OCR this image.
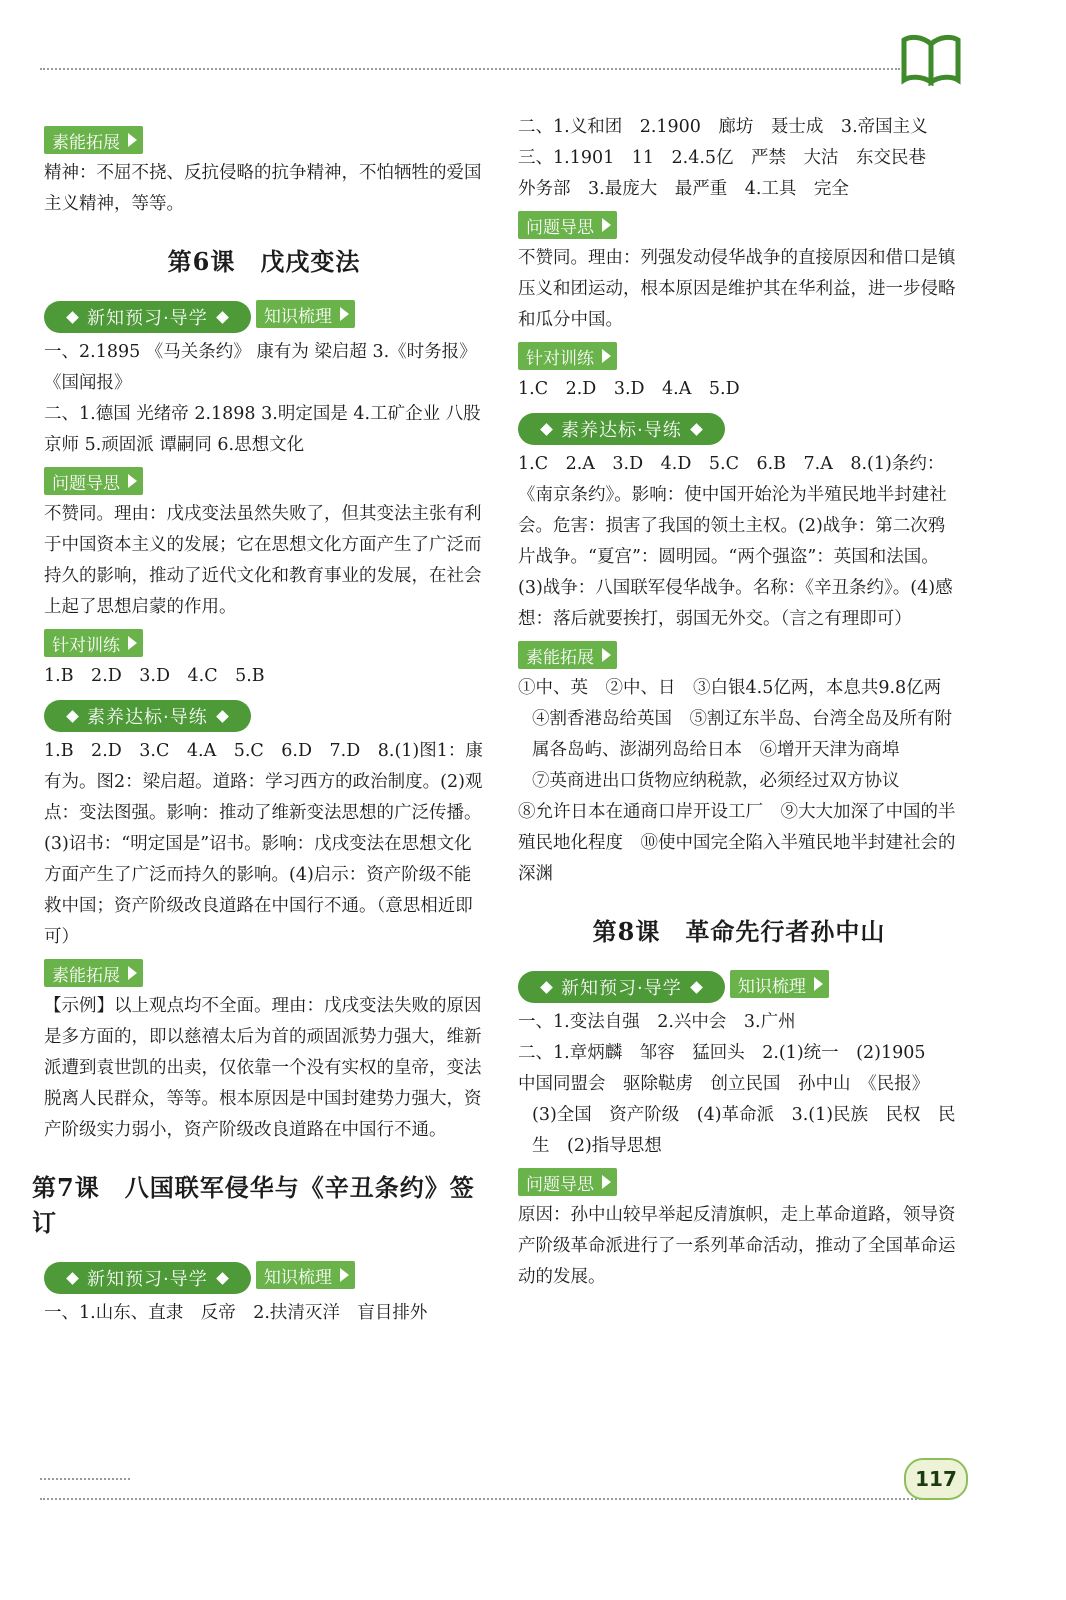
素能拓展

精神：不屈不挠、反抗侵略的抗争精神，不怕牺牲的爱国主义精神，等等。

第6课　戊戌变法
新知预习·导学
	知识梳理

一、2.1895 《马关条约》 康有为 梁启超 3.《时务报》《国闻报》

二、1.德国 光绪帝 2.1898 3.明定国是 4.工矿企业 八股 京师 5.顽固派 谭嗣同 6.思想文化

问题导思

不赞同。理由：戊戌变法虽然失败了，但其变法主张有利于中国资本主义的发展；它在思想文化方面产生了广泛而持久的影响，推动了近代文化和教育事业的发展，在社会上起了思想启蒙的作用。

针对训练

1.B　2.D　3.D　4.C　5.B

素养达标·导练

1.B　2.D　3.C　4.A　5.C　6.D　7.D　8.(1)图1：康有为。图2：梁启超。道路：学习西方的政治制度。(2)观点：变法图强。影响：推动了维新变法思想的广泛传播。(3)诏书：“明定国是”诏书。影响：戊戌变法在思想文化方面产生了广泛而持久的影响。(4)启示：资产阶级不能救中国；资产阶级改良道路在中国行不通。（意思相近即可）

素能拓展

【示例】以上观点均不全面。理由：戊戌变法失败的原因是多方面的，即以慈禧太后为首的顽固派势力强大，维新派遭到袁世凯的出卖，仅依靠一个没有实权的皇帝，变法脱离人民群众，等等。根本原因是中国封建势力强大，资产阶级实力弱小，资产阶级改良道路在中国行不通。

第7课　八国联军侵华与《辛丑条约》签订
新知预习·导学
	知识梳理

一、1.山东、直隶　反帝　2.扶清灭洋　盲目排外

二、1.义和团　2.1900　廊坊　聂士成　3.帝国主义

三、1.1901　11　2.4.5亿　严禁　大沽　东交民巷　外务部　3.最庞大　最严重　4.工具　完全

问题导思

不赞同。理由：列强发动侵华战争的直接原因和借口是镇压义和团运动，根本原因是维护其在华利益，进一步侵略和瓜分中国。

针对训练

1.C　2.D　3.D　4.A　5.D

素养达标·导练

1.C　2.A　3.D　4.D　5.C　6.B　7.A　8.(1)条约：《南京条约》。影响：使中国开始沦为半殖民地半封建社会。危害：损害了我国的领土主权。(2)战争：第二次鸦片战争。“夏宫”：圆明园。“两个强盗”：英国和法国。(3)战争：八国联军侵华战争。名称：《辛丑条约》。(4)感想：落后就要挨打，弱国无外交。（言之有理即可）

素能拓展

①中、英　②中、日　③白银4.5亿两，本息共9.8亿两

④割香港岛给英国　⑤割辽东半岛、台湾全岛及所有附属各岛屿、澎湖列岛给日本　⑥增开天津为商埠

⑦英商进出口货物应纳税款，必须经过双方协议

⑧允许日本在通商口岸开设工厂　⑨大大加深了中国的半殖民地化程度　⑩使中国完全陷入半殖民地半封建社会的深渊

第8课　革命先行者孙中山
新知预习·导学
	知识梳理

一、1.变法自强　2.兴中会　3.广州

二、1.章炳麟　邹容　猛回头　2.(1)统一　(2)1905　中国同盟会　驱除鞑虏　创立民国　孙中山　《民报》

(3)全国　资产阶级　(4)革命派　3.(1)民族　民权　民生　(2)指导思想

问题导思

原因：孙中山较早举起反清旗帜，走上革命道路，领导资产阶级革命派进行了一系列革命活动，推动了全国革命运动的发展。

117
